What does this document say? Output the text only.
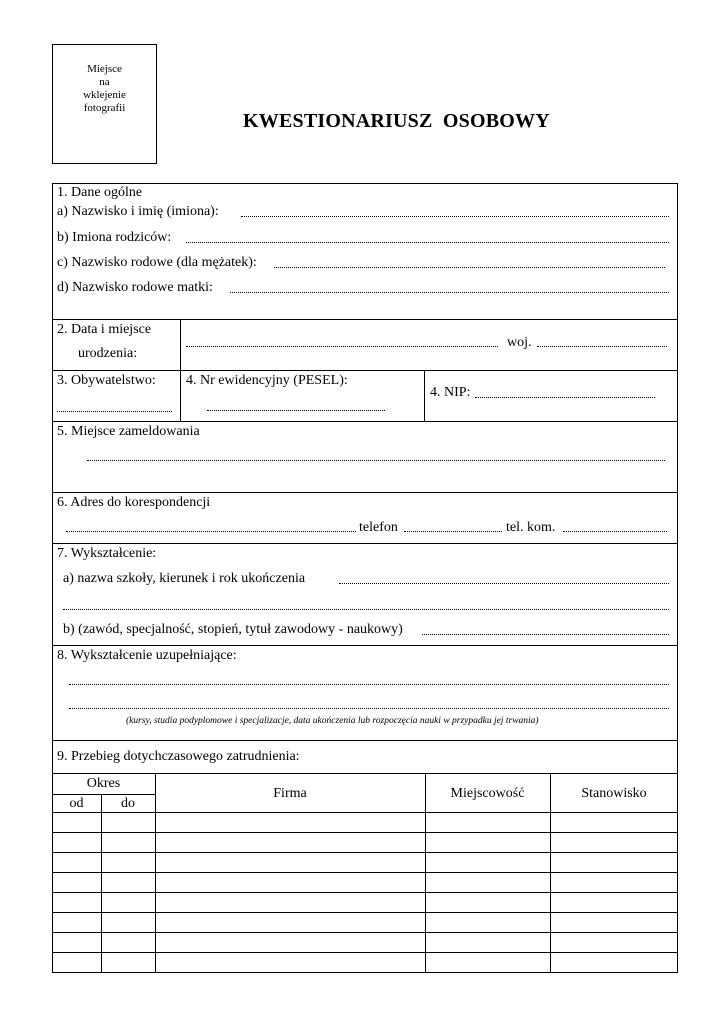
Miejsce
na
wklejenie
fotografii
KWESTIONARIUSZ  OSOBOWY
1. Dane ogólne
a) Nazwisko i imię (imiona):
b) Imiona rodziców:
c) Nazwisko rodowe (dla mężatek):
d) Nazwisko rodowe matki:
2. Data i miejsce
urodzenia:
woj.
3. Obywatelstwo: 4. Nr ewidencyjny (PESEL):
4. NIP:
5. Miejsce zameldowania
6. Adres do korespondencji
telefon	tel. kom.
7. Wykształcenie:
a) nazwa szkoły, kierunek i rok ukończenia
b) (zawód, specjalność, stopień, tytuł zawodowy - naukowy)
8. Wykształcenie uzupełniające:
(kursy, studia podyplomowe i specjalizacje, data ukończenia lub rozpoczęcia nauki w przypadku jej trwania)
9. Przebieg dotychczasowego zatrudnienia:
Okres
od	do
Firma	Miejscowość	Stanowisko
